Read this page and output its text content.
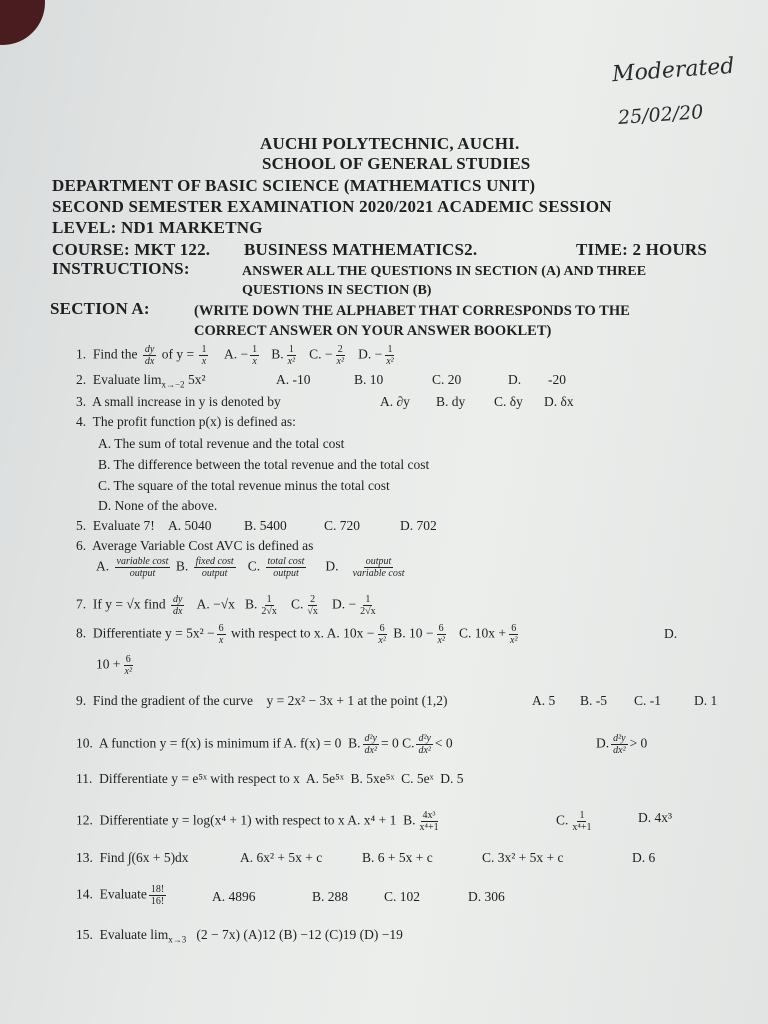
Moderated
25/02/20
AUCHI POLYTECHNIC, AUCHI.
SCHOOL OF GENERAL STUDIES
DEPARTMENT OF BASIC SCIENCE (MATHEMATICS UNIT)
SECOND SEMESTER EXAMINATION 2020/2021 ACADEMIC SESSION
LEVEL: ND1 MARKETNG
COURSE: MKT 122. BUSINESS MATHEMATICS2.	TIME: 2 HOURS
INSTRUCTIONS:	ANSWER ALL THE QUESTIONS IN SECTION (A) AND THREE
QUESTIONS IN SECTION (B)
SECTION A:	(WRITE DOWN THE ALPHABET THAT CORRESPONDS TO THE
CORRECT ANSWER ON YOUR ANSWER BOOKLET)
1. Find the $\frac{dy}{dx}$ of $y = \frac{1}{x} A$. − $\frac{1}{x} B$. $\frac{1}{\text{x²}} C$. − $\frac{2}{\text{x²}} D$. − $\frac{1}{\text{x²}}$
2. Evaluate $\lim_{x\to-2} 5x^2$	A. -10	B. 10	C. 20	D. -20
3. A small increase in y is denoted by	A. ∂y B. dy C. δy D. δx
4. The profit function p(x) is defined as:
A. The sum of total revenue and the total cost
B. The difference between the total revenue and the total cost
C. The square of the total revenue minus the total cost
D. None of the above.
5. Evaluate 7! A. 5040 B. 5400	C. 720	D. 702
6. Average Variable Cost AVC is defined as
A. $\frac{\text{variable cost}}{\text{output}} B$. $\frac{\text{fixed cost}}{\text{output}} C$. $\frac{\text{total cost}}{\text{output}} D$. $\frac{\text{output}}{\text{variable cost}}$
7. If y = √x find $\frac{dy}{dx} A$. −√x B. $\frac{1}{2√x} C$. $\frac{2}{√x} D$. − $\frac{1}{2√x}$
8. Differentiate $y = 5x^2 - \frac{6}{x}$ with respect to x. A. $10x - \frac{6}{\text{x²}} B$. $10 - \frac{6}{\text{x²}} C$. $10x + \frac{6}{\text{x²}}$	D.
$10 + \frac{6}{\text{x²}}$
9. Find the gradient of the curve y = 2x² − 3x + 1 at the point (1,2)	A. 5 B. -5 C. -1 D. 1
10. A function y = f(x) is minimum if A. f(x) = 0 B. $\frac{\text{d²y}}{\text{dx²}} = 0$ C. $\frac{\text{d²y}}{\text{dx²}} < 0$	D. $\frac{\text{d²y}}{\text{dx²}} > 0$
11. Differentiate y = e⁵ˣ with respect to x A. 5e⁵ˣ B. 5xe⁵ˣ C. 5eˣ D. 5
12. Differentiate y = log(x⁴ + 1) with respect to x A. x⁴ + 1 B. $\frac{\text{4x³}}{\text{x⁴+1}}$	C. $\frac{1}{\text{x⁴+1}}$	D. 4x³
13. Find ∫(6x + 5)dx	A. 6x² + 5x + c	B. 6 + 5x + c	C. 3x² + 5x + c	D. 6
14. Evaluate $\frac{18!}{16!}$	A. 4896	B. 288	C. 102	D. 306
15. Evaluate $\lim_{x\to 3} (2 - 7x)$ (A)12 (B) −12 (C)19 (D) −19
